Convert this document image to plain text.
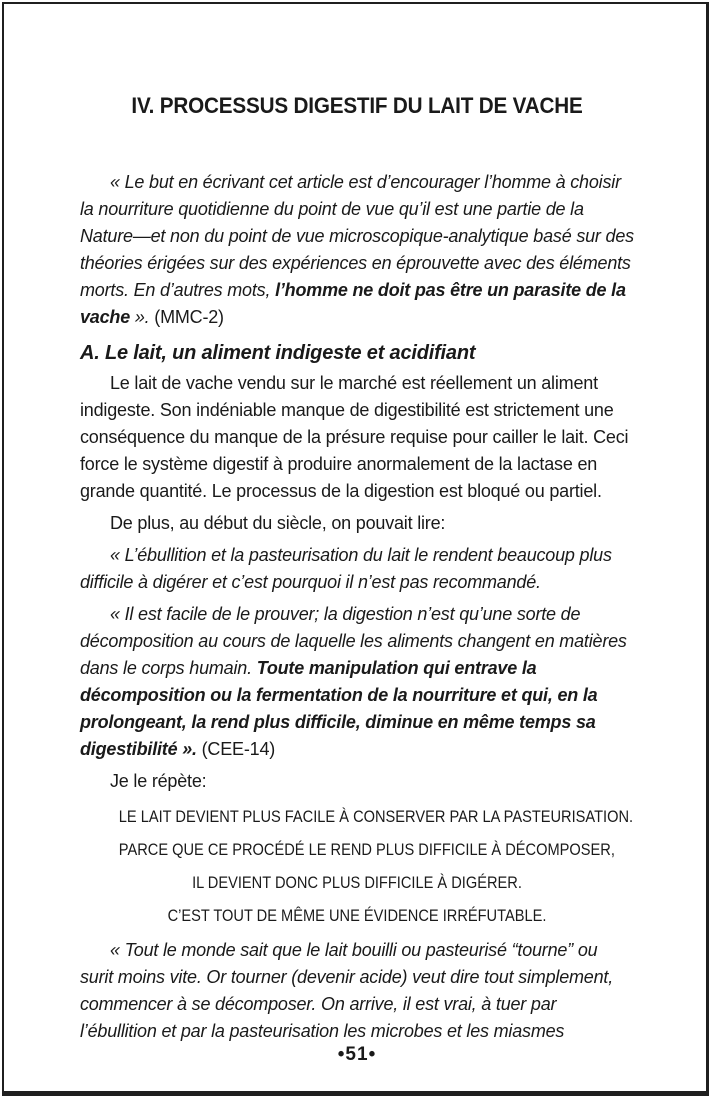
IV. PROCESSUS DIGESTIF DU LAIT DE VACHE

« Le but en écrivant cet article est d’encourager l’homme à choisir la nourriture quotidienne du point de vue qu’il est une partie de la Nature—et non du point de vue microscopique-analytique basé sur des théories érigées sur des expériences en éprouvette avec des éléments morts. En d’autres mots, l’homme ne doit pas être un parasite de la vache ». (MMC-2)

A. Le lait, un aliment indigeste et acidifiant

Le lait de vache vendu sur le marché est réellement un aliment indigeste. Son indéniable manque de digestibilité est strictement une conséquence du manque de la présure requise pour cailler le lait. Ceci force le système digestif à produire anormalement de la lactase en grande quantité. Le processus de la digestion est bloqué ou partiel.

De plus, au début du siècle, on pouvait lire:

« L’ébullition et la pasteurisation du lait le rendent beaucoup plus difficile à digérer et c’est pourquoi il n’est pas recommandé.

« Il est facile de le prouver; la digestion n’est qu’une sorte de décomposition au cours de laquelle les aliments changent en matières dans le corps humain. Toute manipulation qui entrave la décomposition ou la fermentation de la nourriture et qui, en la prolongeant, la rend plus difficile, diminue en même temps sa digestibilité ». (CEE-14)

Je le répète:

LE LAIT DEVIENT PLUS FACILE À CONSERVER PAR LA PASTEURISATION.
PARCE QUE CE PROCÉDÉ LE REND PLUS DIFFICILE À DÉCOMPOSER,
IL DEVIENT DONC PLUS DIFFICILE À DIGÉRER.
C’EST TOUT DE MÊME UNE ÉVIDENCE IRRÉFUTABLE.

« Tout le monde sait que le lait bouilli ou pasteurisé “tourne” ou surit moins vite. Or tourner (devenir acide) veut dire tout simplement, commencer à se décomposer. On arrive, il est vrai, à tuer par l’ébullition et par la pasteurisation les microbes et les miasmes

•51•
